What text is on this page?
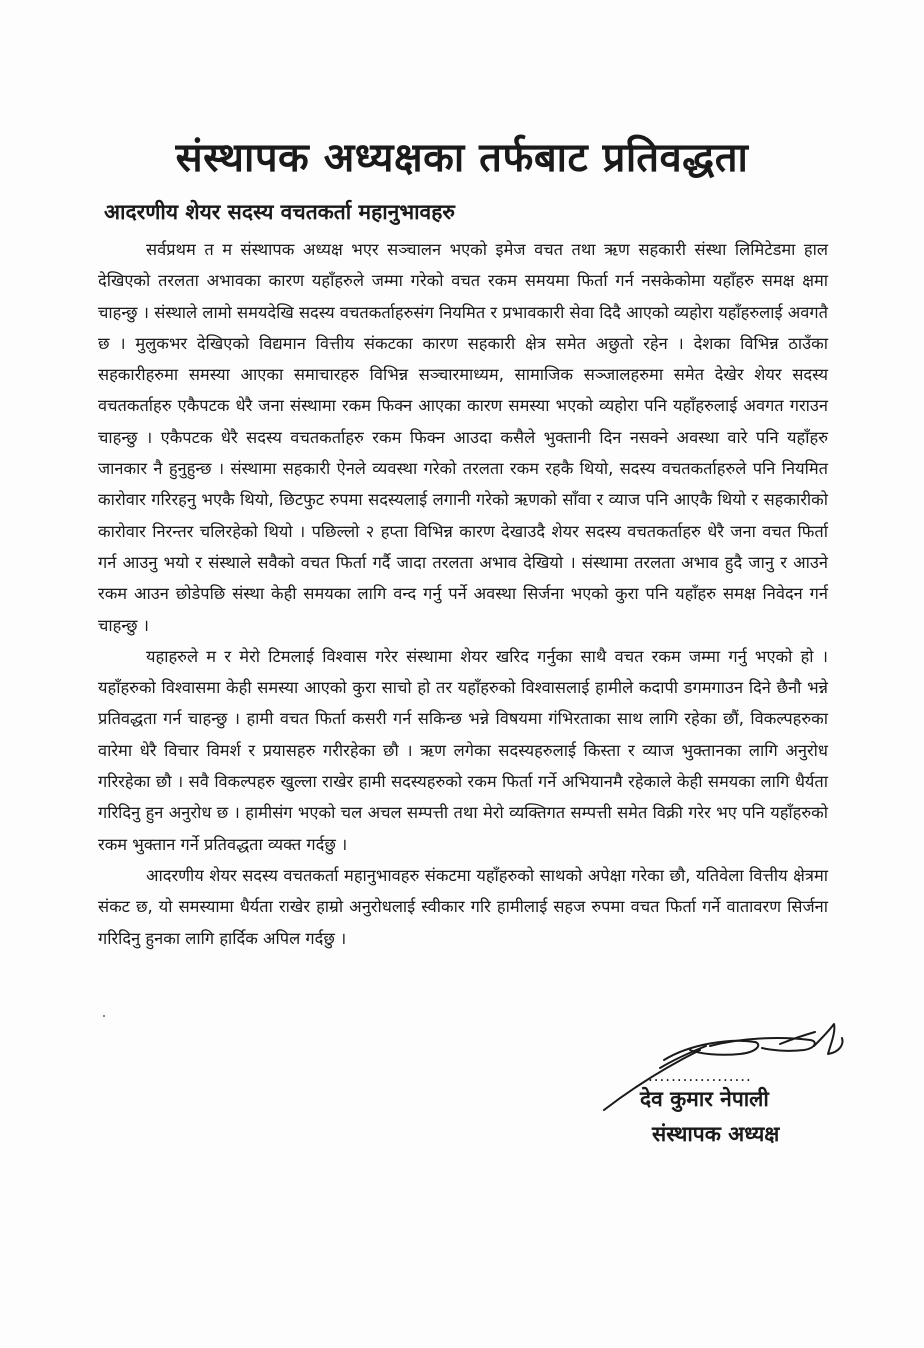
संस्थापक अध्यक्षका तर्फबाट प्रतिवद्धता

आदरणीय शेयर सदस्य वचतकर्ता महानुभावहरु

सर्वप्रथम त म संस्थापक अध्यक्ष भएर सञ्चालन भएको इमेज वचत तथा ऋण सहकारी संस्था लिमिटेडमा हाल देखिएको तरलता अभावका कारण यहाँहरुले जम्मा गरेको वचत रकम समयमा फिर्ता गर्न नसकेकोमा यहाँहरु समक्ष क्षमा चाहन्छु । संस्थाले लामो समयदेखि सदस्य वचतकर्ताहरुसंग नियमित र प्रभावकारी सेवा दिदै आएको व्यहोरा यहाँहरुलाई अवगतै छ । मुलुकभर देखिएको विद्यमान वित्तीय संकटका कारण सहकारी क्षेत्र समेत अछुतो रहेन । देशका विभिन्न ठाउँका सहकारीहरुमा समस्या आएका समाचारहरु विभिन्न सञ्चारमाध्यम, सामाजिक सञ्जालहरुमा समेत देखेर शेयर सदस्य वचतकर्ताहरु एकैपटक धेरै जना संस्थामा रकम फिक्न आएका कारण समस्या भएको व्यहोरा पनि यहाँहरुलाई अवगत गराउन चाहन्छु । एकैपटक धेरै सदस्य वचतकर्ताहरु रकम फिक्न आउदा कसैले भुक्तानी दिन नसक्ने अवस्था वारे पनि यहाँहरु जानकार नै हुनुहुन्छ । संस्थामा सहकारी ऐनले व्यवस्था गरेको तरलता रकम रहकै थियो, सदस्य वचतकर्ताहरुले पनि नियमित कारोवार गरिरहनु भएकै थियो, छिटफुट रुपमा सदस्यलाई लगानी गरेको ऋणको साँवा र व्याज पनि आएकै थियो र सहकारीको कारोवार निरन्तर चलिरहेको थियो । पछिल्लो २ हप्ता विभिन्न कारण देखाउदै शेयर सदस्य वचतकर्ताहरु धेरै जना वचत फिर्ता गर्न आउनु भयो र संस्थाले सवैको वचत फिर्ता गर्दै जादा तरलता अभाव देखियो । संस्थामा तरलता अभाव हुदै जानु र आउने रकम आउन छोडेपछि संस्था केही समयका लागि वन्द गर्नु पर्ने अवस्था सिर्जना भएको कुरा पनि यहाँहरु समक्ष निवेदन गर्न चाहन्छु ।

यहाहरुले म र मेरो टिमलाई विश्वास गरेर संस्थामा शेयर खरिद गर्नुका साथै वचत रकम जम्मा गर्नु भएको हो । यहाँहरुको विश्वासमा केही समस्या आएको कुरा साचो हो तर यहाँहरुको विश्वासलाई हामीले कदापी डगमगाउन दिने छैनौ भन्ने प्रतिवद्धता गर्न चाहन्छु । हामी वचत फिर्ता कसरी गर्न सकिन्छ भन्ने विषयमा गंभिरताका साथ लागि रहेका छौं, विकल्पहरुका वारेमा धेरै विचार विमर्श र प्रयासहरु गरीरहेका छौ । ऋण लगेका सदस्यहरुलाई किस्ता र व्याज भुक्तानका लागि अनुरोध गरिरहेका छौ । सवै विकल्पहरु खुल्ला राखेर हामी सदस्यहरुको रकम फिर्ता गर्ने अभियानमै रहेकाले केही समयका लागि धैर्यता गरिदिनु हुन अनुरोध छ । हामीसंग भएको चल अचल सम्पत्ती तथा मेरो व्यक्तिगत सम्पत्ती समेत विक्री गरेर भए पनि यहाँहरुको रकम भुक्तान गर्ने प्रतिवद्धता व्यक्त गर्दछु ।

आदरणीय शेयर सदस्य वचतकर्ता महानुभावहरु संकटमा यहाँहरुको साथको अपेक्षा गरेका छौ, यतिवेला वित्तीय क्षेत्रमा संकट छ, यो समस्यामा धैर्यता राखेर हाम्रो अनुरोधलाई स्वीकार गरि हामीलाई सहज रुपमा वचत फिर्ता गर्ने वातावरण सिर्जना गरिदिनु हुनका लागि हार्दिक अपिल गर्दछु ।

..................

देव कुमार नेपाली

संस्थापक अध्यक्ष
